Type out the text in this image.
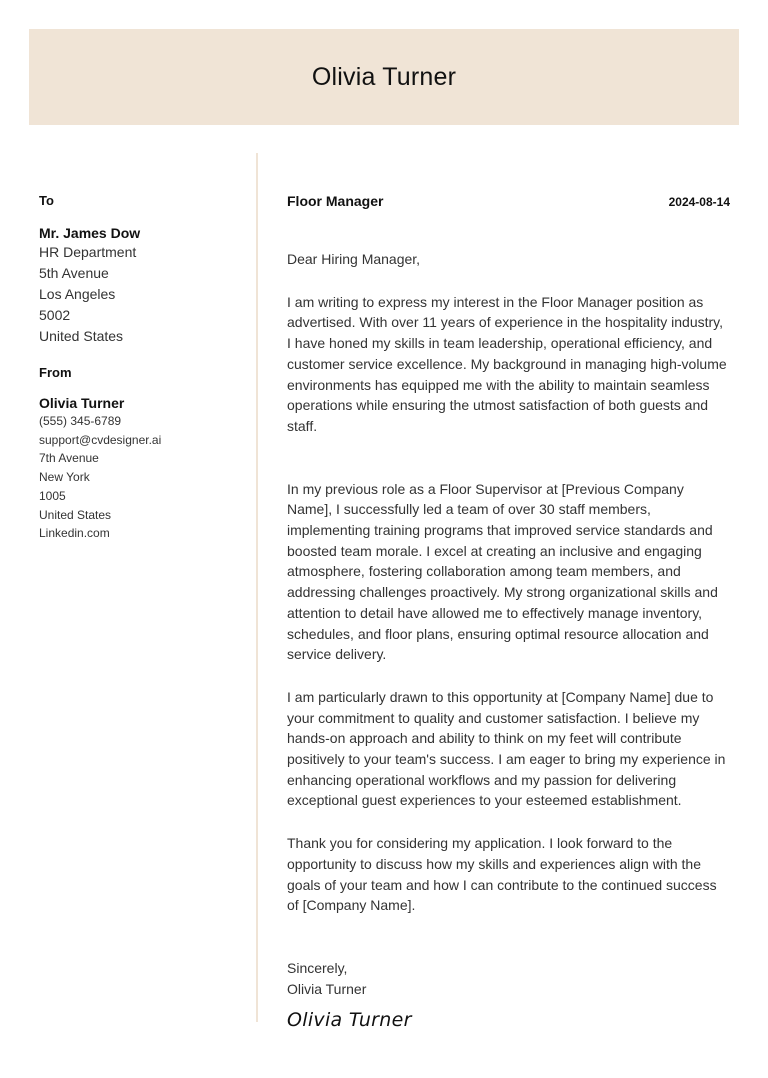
Olivia Turner
To
Mr. James Dow
HR Department
5th Avenue
Los Angeles
5002
United States
From
Olivia Turner
(555) 345-6789
support@cvdesigner.ai
7th Avenue
New York
1005
United States
Linkedin.com
Floor Manager	2024-08-14
Dear Hiring Manager,

I am writing to express my interest in the Floor Manager position as advertised. With over 11 years of experience in the hospitality industry, I have honed my skills in team leadership, operational efficiency, and customer service excellence. My background in managing high-volume environments has equipped me with the ability to maintain seamless operations while ensuring the utmost satisfaction of both guests and staff.

In my previous role as a Floor Supervisor at [Previous Company Name], I successfully led a team of over 30 staff members, implementing training programs that improved service standards and boosted team morale. I excel at creating an inclusive and engaging atmosphere, fostering collaboration among team members, and addressing challenges proactively. My strong organizational skills and attention to detail have allowed me to effectively manage inventory, schedules, and floor plans, ensuring optimal resource allocation and service delivery.

I am particularly drawn to this opportunity at [Company Name] due to your commitment to quality and customer satisfaction. I believe my hands-on approach and ability to think on my feet will contribute positively to your team's success. I am eager to bring my experience in enhancing operational workflows and my passion for delivering exceptional guest experiences to your esteemed establishment.

Thank you for considering my application. I look forward to the opportunity to discuss how my skills and experiences align with the goals of your team and how I can contribute to the continued success of [Company Name].

Sincerely,
Olivia Turner
Olivia Turner
